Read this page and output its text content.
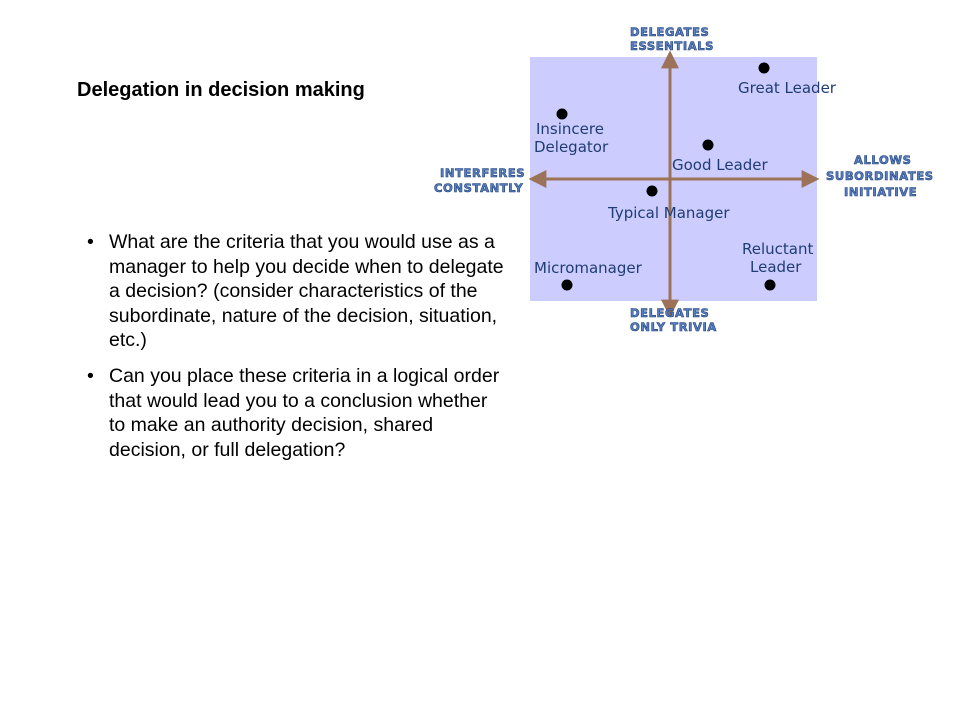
Delegation in decision making
• What are the criteria that you would use as a manager to help you decide when to delegate a decision? (consider characteristics of the subordinate, nature of the decision, situation, etc.)
• Can you place these criteria in a logical order that would lead you to a conclusion whether to make an authority decision, shared decision, or full delegation?
DELEGATES
ESSENTIALS
DELEGATES
ONLY TRIVIA
INTERFERES
CONSTANTLY
ALLOWS
SUBORDINATES
INITIATIVE
Great Leader
Insincere
Delegator
Good Leader
Typical Manager
Micromanager
Reluctant
Leader
